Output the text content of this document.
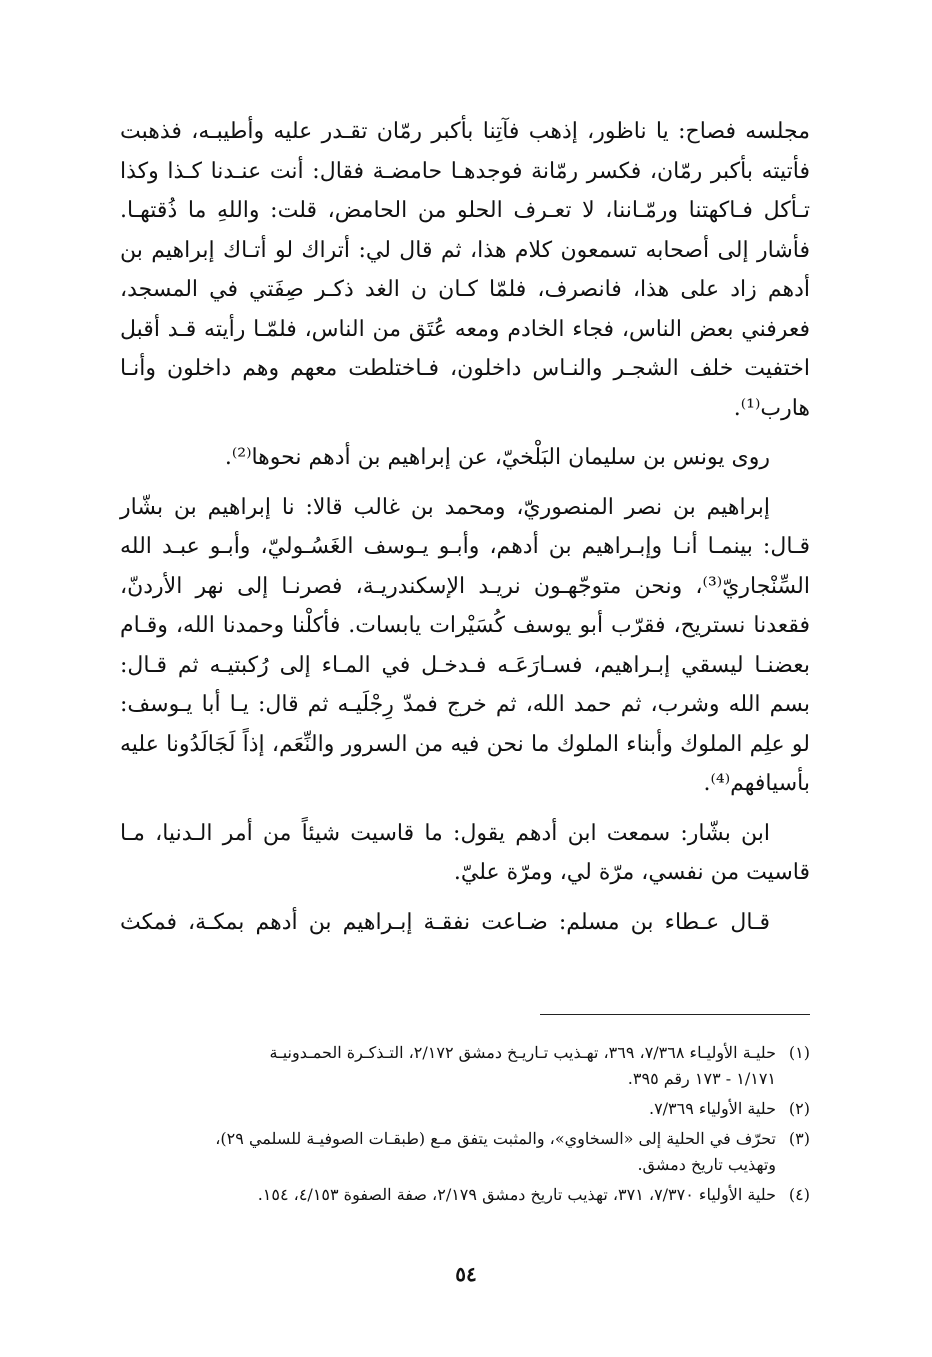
مجلسه فصاح: يا ناظور، إذهب فآتِنا بأكبر رمّان تقـدر عليه وأطيبـه، فذهبت
فأتيته بأكبر رمّان، فكسر رمّانة فوجدهـا حامضـة فقال: أنت عنـدنا كـذا وكذا
تـأكل فـاكهتنا ورمّـاننا، لا تعـرف الحلو من الحامض، قلت: واللهِ ما ذُقتهـا.
فأشار إلى أصحابه تسمعون كلام هذا، ثم قال لي: أتراك لو أتـاك إبراهيم بن
أدهم زاد على هذا، فانصرف، فلمّا كـان ن الغد ذكـر صِفَتي في المسجد،
فعرفني بعض الناس، فجاء الخادم ومعه عُتَق من الناس، فلمّـا رأيته قـد أقبل
اختفيت خلف الشجـر والنـاس داخلون، فـاختلطت معهم وهم داخلون وأنـا
هارب⁽¹⁾.

روى يونس بن سليمان البَلْخيّ، عن إبراهيم بن أدهم نحوها⁽²⁾.

إبراهيم بن نصر المنصوريّ، ومحمد بن غالب قالا: نا إبراهيم بن بشّار
قـال: بينمـا أنـا وإبـراهيم بن أدهم، وأبـو يـوسف الغَسُـوليّ، وأبـو عبـد الله
السِّنْجاريّ⁽³⁾، ونحن متوجّهـون نريـد الإسكندريـة، فصرنـا إلى نهر الأردنّ،
فقعدنا نستريح، فقرّب أبو يوسف كُسَيْرات يابسات. فأكلْنا وحمدنا الله، وقـام
بعضنـا ليسقي إبـراهيم، فسـارَعَـه فـدخـل في المـاء إلى رُكبتيـه ثم قـال:
بسم الله وشرب، ثم حمد الله، ثم خرج فمدّ رِجْلَيـه ثم قال: يـا أبا يـوسف:
لو علِم الملوك وأبناء الملوك ما نحن فيه من السرور والنِّعَم، إذاً لَجَالَدُونا عليه
بأسيافهم⁽⁴⁾.

ابن بشّار: سمعت ابن أدهم يقول: ما قاسيت شيئاً من أمر الـدنيا، مـا
قاسيت من نفسي، مرّة لي، ومرّة عليّ.

قـال عـطاء بن مسلم: ضـاعت نفقـة إبـراهيم بن أدهم بمكـة، فمكث

(١)
حليـة الأوليـاء ٧/٣٦٨، ٣٦٩، تهـذيب تـاريـخ دمشق ٢/١٧٢، التـذكـرة الحمـدونيـة
١/١٧١ - ١٧٣ رقم ٣٩٥.
(٢)
حلية الأولياء ٧/٣٦٩.
(٣)
تحرّف في الحلية إلى «السخاوي»، والمثبت يتفق مـع (طبقـات الصوفيـة للسلمي ٢٩)،
وتهذيب تاريخ دمشق.
(٤)
حلية الأولياء ٧/٣٧٠، ٣٧١، تهذيب تاريخ دمشق ٢/١٧٩، صفة الصفوة ٤/١٥٣، ١٥٤.
٥٤
